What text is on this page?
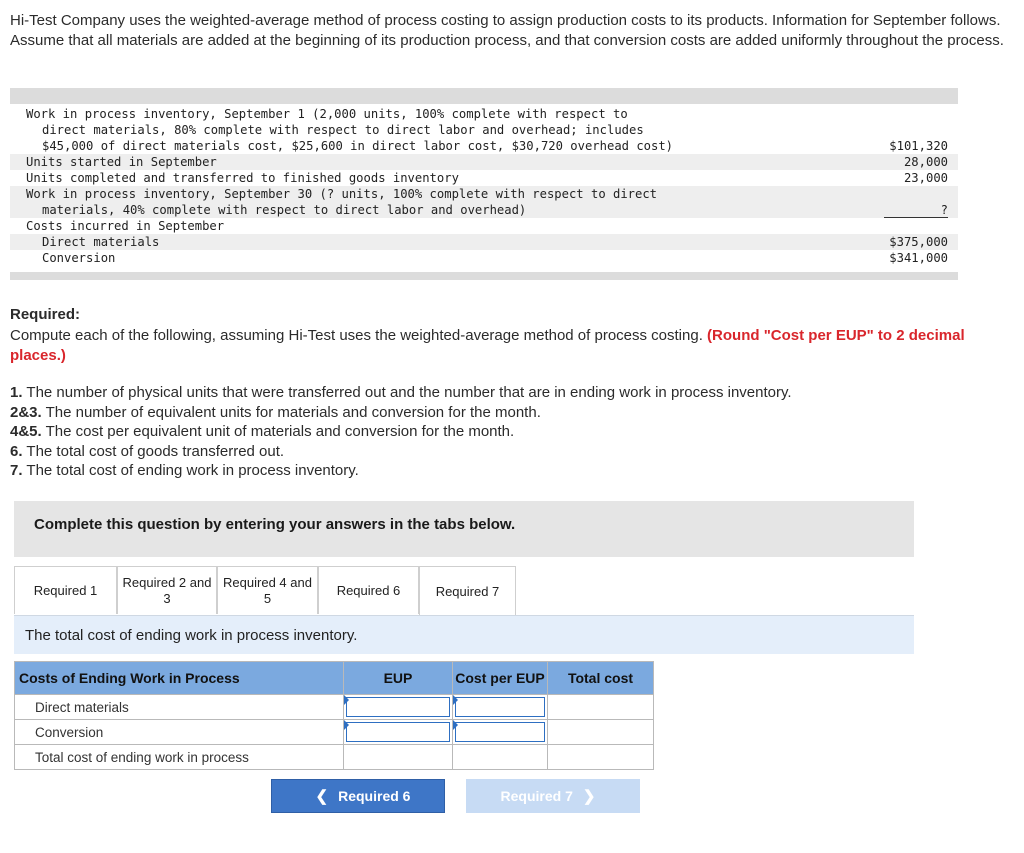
Hi-Test Company uses the weighted-average method of process costing to assign production costs to its products. Information for September follows. Assume that all materials are added at the beginning of its production process, and that conversion costs are added uniformly throughout the process.
Work in process inventory, September 1 (2,000 units, 100% complete with respect to
direct materials, 80% complete with respect to direct labor and overhead; includes
$45,000 of direct materials cost, $25,600 in direct labor cost, $30,720 overhead cost)	$101,320
Units started in September	28,000
Units completed and transferred to finished goods inventory	23,000
Work in process inventory, September 30 (? units, 100% complete with respect to direct
materials, 40% complete with respect to direct labor and overhead)	?
Costs incurred in September
Direct materials	$375,000
Conversion	$341,000
Required:
Compute each of the following, assuming Hi-Test uses the weighted-average method of process costing. (Round "Cost per EUP" to 2 decimal places.)
1. The number of physical units that were transferred out and the number that are in ending work in process inventory.
2&3. The number of equivalent units for materials and conversion for the month.
4&5. The cost per equivalent unit of materials and conversion for the month.
6. The total cost of goods transferred out.
7. The total cost of ending work in process inventory.
Complete this question by entering your answers in the tabs below.
Required 1
Required 2 and 3
Required 4 and 5
Required 6	Required 7
The total cost of ending work in process inventory.
Costs of Ending Work in Process	EUP	Cost per EUP	Total cost
Direct materials	

Conversion	

Total cost of ending work in process			
❮ Required 6	Required 7 ❯
